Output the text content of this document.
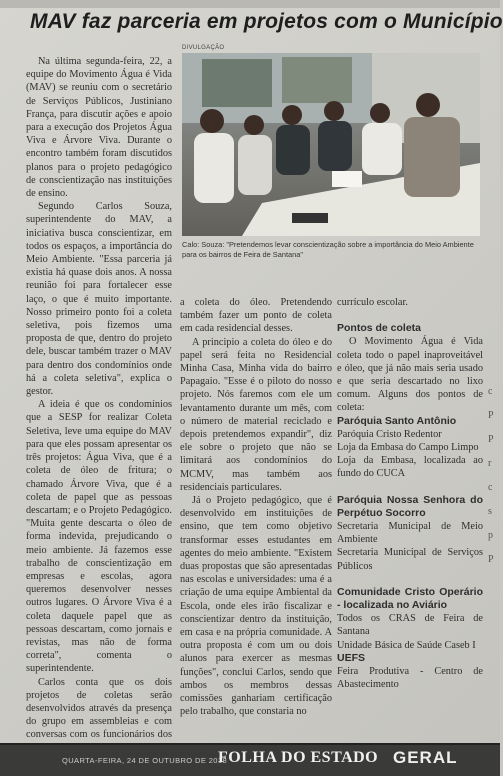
MAV faz parceria em projetos com o Município

Na última segunda-feira, 22, a equipe do Movimento Água é Vida (MAV) se reuniu com o secretário de Serviços Públicos, Justiniano França, para discutir ações e apoio para a execução dos Projetos Água Viva e Árvore Viva. Durante o encontro também foram discutidos planos para o projeto pedagógico de conscientização nas instituições de ensino.

Segundo Carlos Souza, superintendente do MAV, a iniciativa busca conscientizar, em todos os espaços, a importância do Meio Ambiente. "Essa parceria já existia há quase dois anos. A nossa reunião foi para fortalecer esse laço, o que é muito importante. Nosso primeiro ponto foi a coleta seletiva, pois fizemos uma proposta de que, dentro do projeto dele, buscar também trazer o MAV para dentro dos condomínios onde há a coleta seletiva", explica o gestor.

A ideia é que os condomínios que a SESP for realizar Coleta Seletiva, leve uma equipe do MAV para que eles possam apresentar os três projetos: Água Viva, que é a coleta de óleo de fritura; o chamado Árvore Viva, que é a coleta de papel que as pessoas descartam; e o Projeto Pedagógico. "Muita gente descarta o óleo de forma indevida, prejudicando o meio ambiente. Já fazemos esse trabalho de conscientização em empresas e escolas, agora queremos desenvolver nesses outros lugares. O Árvore Viva é a coleta daquele papel que as pessoas descartam, como jornais e revistas, mas não de forma correta", comenta o superintendente.

Carlos conta que os dois projetos de coletas serão desenvolvidos através da presença do grupo em assembleias e com conversas com os funcionários dos

DIVULGAÇÃO
Calo: Souza: "Pretendemos levar conscientização sobre a importância do Meio Ambiente para os bairros de Feira de Santana"

a coleta do óleo. Pretendendo também fazer um ponto de coleta em cada residencial desses.

A principio a coleta do óleo e do papel será feita no Residencial Minha Casa, Minha vida do bairro Papagaio. "Esse é o piloto do nosso projeto. Nós faremos com ele um levantamento durante um mês, com o número de material reciclado e depois pretendemos expandir", diz ele sobre o projeto que não se limitará aos condomínios do MCMV, mas também aos residenciais particulares.

Já o Projeto pedagógico, que é desenvolvido em instituições de ensino, que tem como objetivo transformar esses estudantes em agentes do meio ambiente. "Existem duas propostas que são apresentadas nas escolas e universidades: uma é a criação de uma equipe Ambiental da Escola, onde eles irão fiscalizar e conscientizar dentro da instituição, em casa e na própria comunidade. A outra proposta é com um ou dois alunos para exercer as mesmas funções", conclui Carlos, sendo que ambos os membros dessas comissões ganhariam certificação pelo trabalho, que constaria no

currículo escolar.

Pontos de coleta

O Movimento Água é Vida coleta todo o papel inaproveitável e óleo, que já não mais seria usado e que seria descartado no lixo comum. Alguns dos pontos de coleta:

Paróquia Santo Antônio

Paróquia Cristo Redentor

Loja da Embasa do Campo Limpo

Loja da Embasa, localizada ao fundo do CUCA

Paróquia Nossa Senhora do Perpétuo Socorro

Secretaria Municipal de Meio Ambiente

Secretaria Municipal de Serviços Públicos

Comunidade Cristo Operário - localizada no Aviário

Todos os CRAS de Feira de Santana

Unidade Básica de Saúde Caseb I

UEFS

Feira Produtiva - Centro de Abastecimento

c
P
P
r
c
s
p
P
QUARTA-FEIRA, 24 DE OUTUBRO DE 2018
FOLHA DO ESTADO GERAL
